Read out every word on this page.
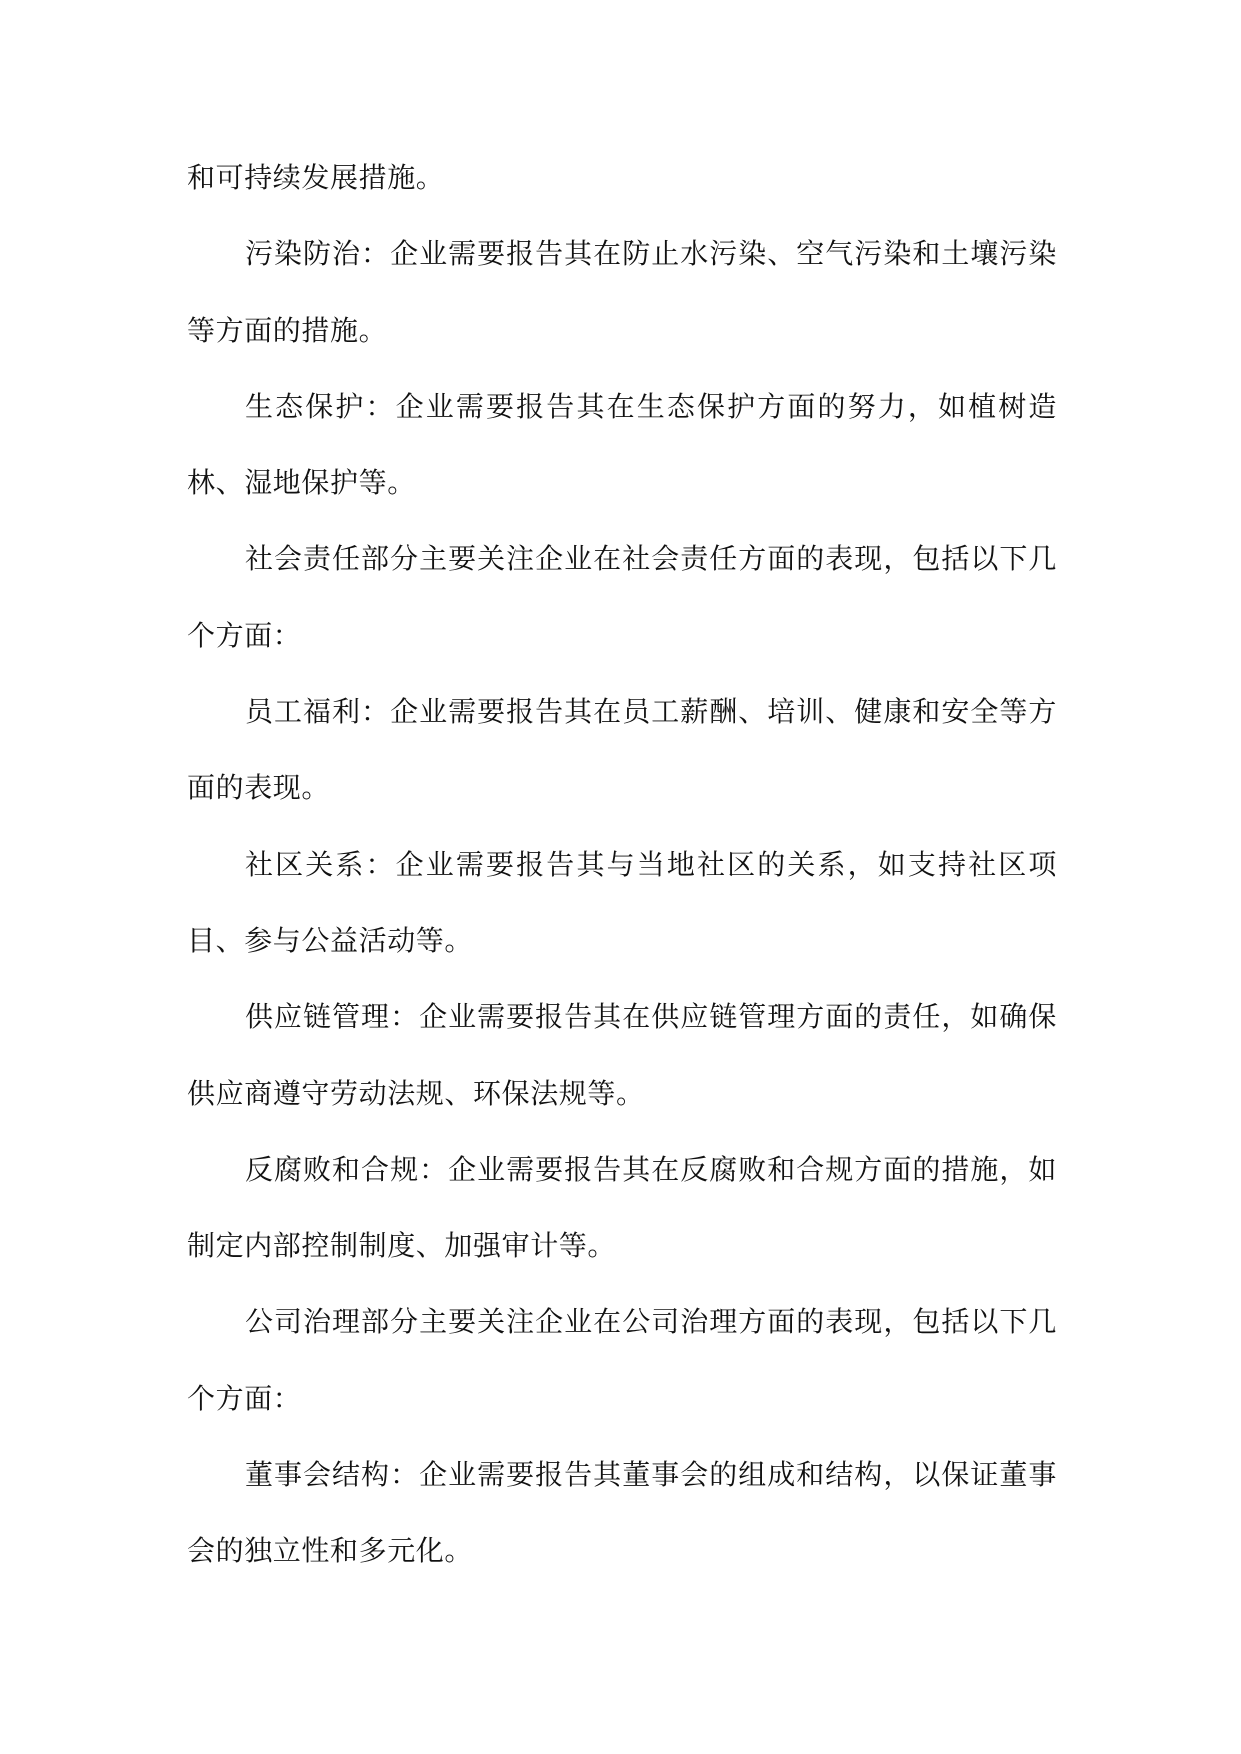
和可持续发展措施。

污染防治：企业需要报告其在防止水污染、空气污染和土壤污染等方面的措施。

生态保护：企业需要报告其在生态保护方面的努力，如植树造林、湿地保护等。

社会责任部分主要关注企业在社会责任方面的表现，包括以下几个方面：

员工福利：企业需要报告其在员工薪酬、培训、健康和安全等方面的表现。

社区关系：企业需要报告其与当地社区的关系，如支持社区项目、参与公益活动等。

供应链管理：企业需要报告其在供应链管理方面的责任，如确保供应商遵守劳动法规、环保法规等。

反腐败和合规：企业需要报告其在反腐败和合规方面的措施，如制定内部控制制度、加强审计等。

公司治理部分主要关注企业在公司治理方面的表现，包括以下几个方面：

董事会结构：企业需要报告其董事会的组成和结构，以保证董事会的独立性和多元化。
